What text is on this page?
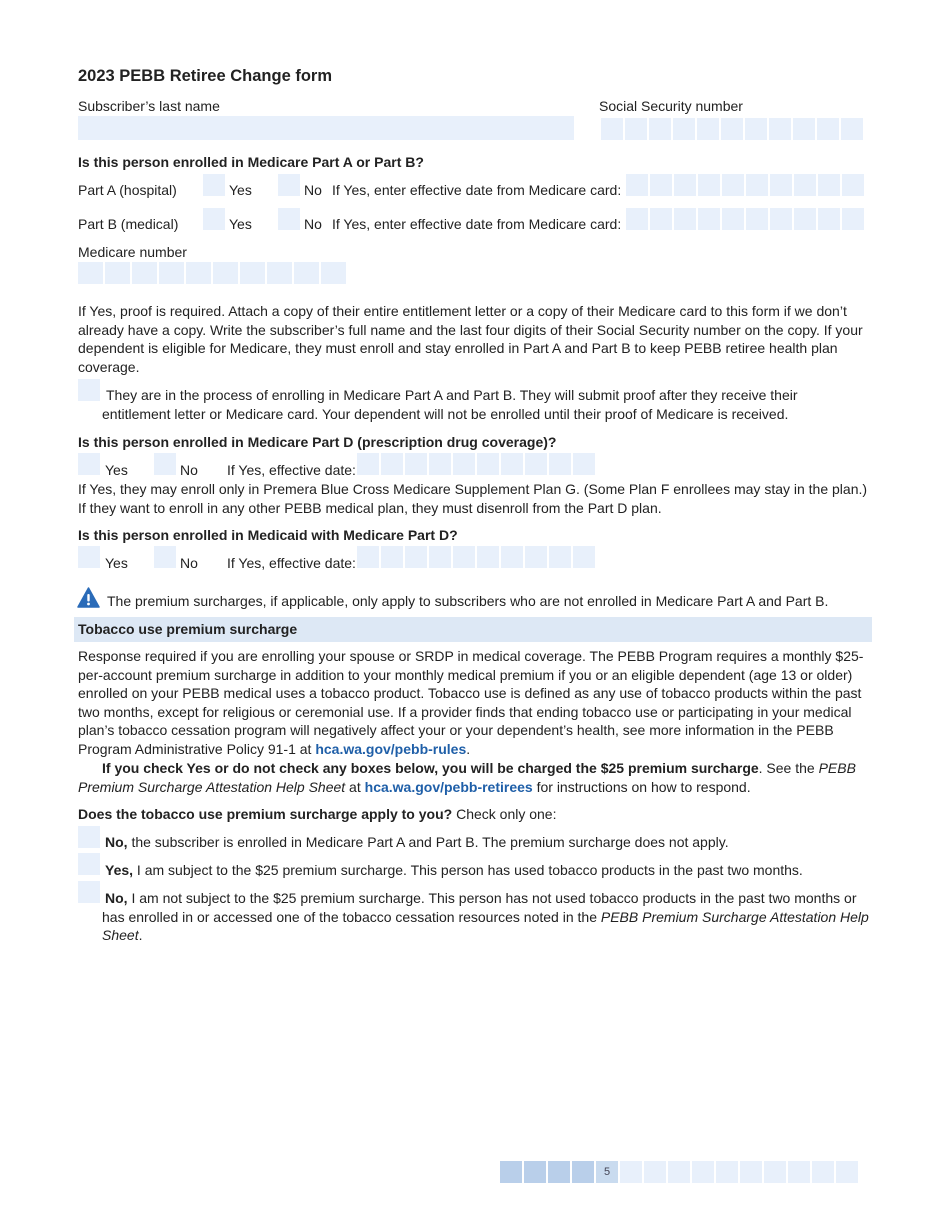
2023 PEBB Retiree Change form
Subscriber’s last name	Social Security number
Is this person enrolled in Medicare Part A or Part B?
Part A (hospital)	Yes	No If Yes, enter effective date from Medicare card:
Part B (medical)	Yes	No If Yes, enter effective date from Medicare card:
Medicare number
If Yes, proof is required. Attach a copy of their entire entitlement letter or a copy of their Medicare card to this form if we don’t already have a copy. Write the subscriber’s full name and the last four digits of their Social Security number on the copy. If your dependent is eligible for Medicare, they must enroll and stay enrolled in Part A and Part B to keep PEBB retiree health plan coverage.
They are in the process of enrolling in Medicare Part A and Part B. They will submit proof after they receive their entitlement letter or Medicare card. Your dependent will not be enrolled until their proof of Medicare is received.
Is this person enrolled in Medicare Part D (prescription drug coverage)?
Yes	No If Yes, effective date:
If Yes, they may enroll only in Premera Blue Cross Medicare Supplement Plan G. (Some Plan F enrollees may stay in the plan.) If they want to enroll in any other PEBB medical plan, they must disenroll from the Part D plan.
Is this person enrolled in Medicaid with Medicare Part D?
Yes	No If Yes, effective date:
The premium surcharges, if applicable, only apply to subscribers who are not enrolled in Medicare Part A and Part B.
Tobacco use premium surcharge
Response required if you are enrolling your spouse or SRDP in medical coverage. The PEBB Program requires a monthly $25-per-account premium surcharge in addition to your monthly medical premium if you or an eligible dependent (age 13 or older) enrolled on your PEBB medical uses a tobacco product. Tobacco use is defined as any use of tobacco products within the past two months, except for religious or ceremonial use. If a provider finds that ending tobacco use or participating in your medical plan’s tobacco cessation program will negatively affect your or your dependent’s health, see more information in the PEBB Program Administrative Policy 91-1 at hca.wa.gov/pebb-rules.
If you check Yes or do not check any boxes below, you will be charged the $25 premium surcharge. See the PEBB Premium Surcharge Attestation Help Sheet at hca.wa.gov/pebb-retirees for instructions on how to respond.
Does the tobacco use premium surcharge apply to you? Check only one:
No, the subscriber is enrolled in Medicare Part A and Part B. The premium surcharge does not apply.
Yes, I am subject to the $25 premium surcharge. This person has used tobacco products in the past two months.
No, I am not subject to the $25 premium surcharge. This person has not used tobacco products in the past two months or has enrolled in or accessed one of the tobacco cessation resources noted in the PEBB Premium Surcharge Attestation Help Sheet.
5
